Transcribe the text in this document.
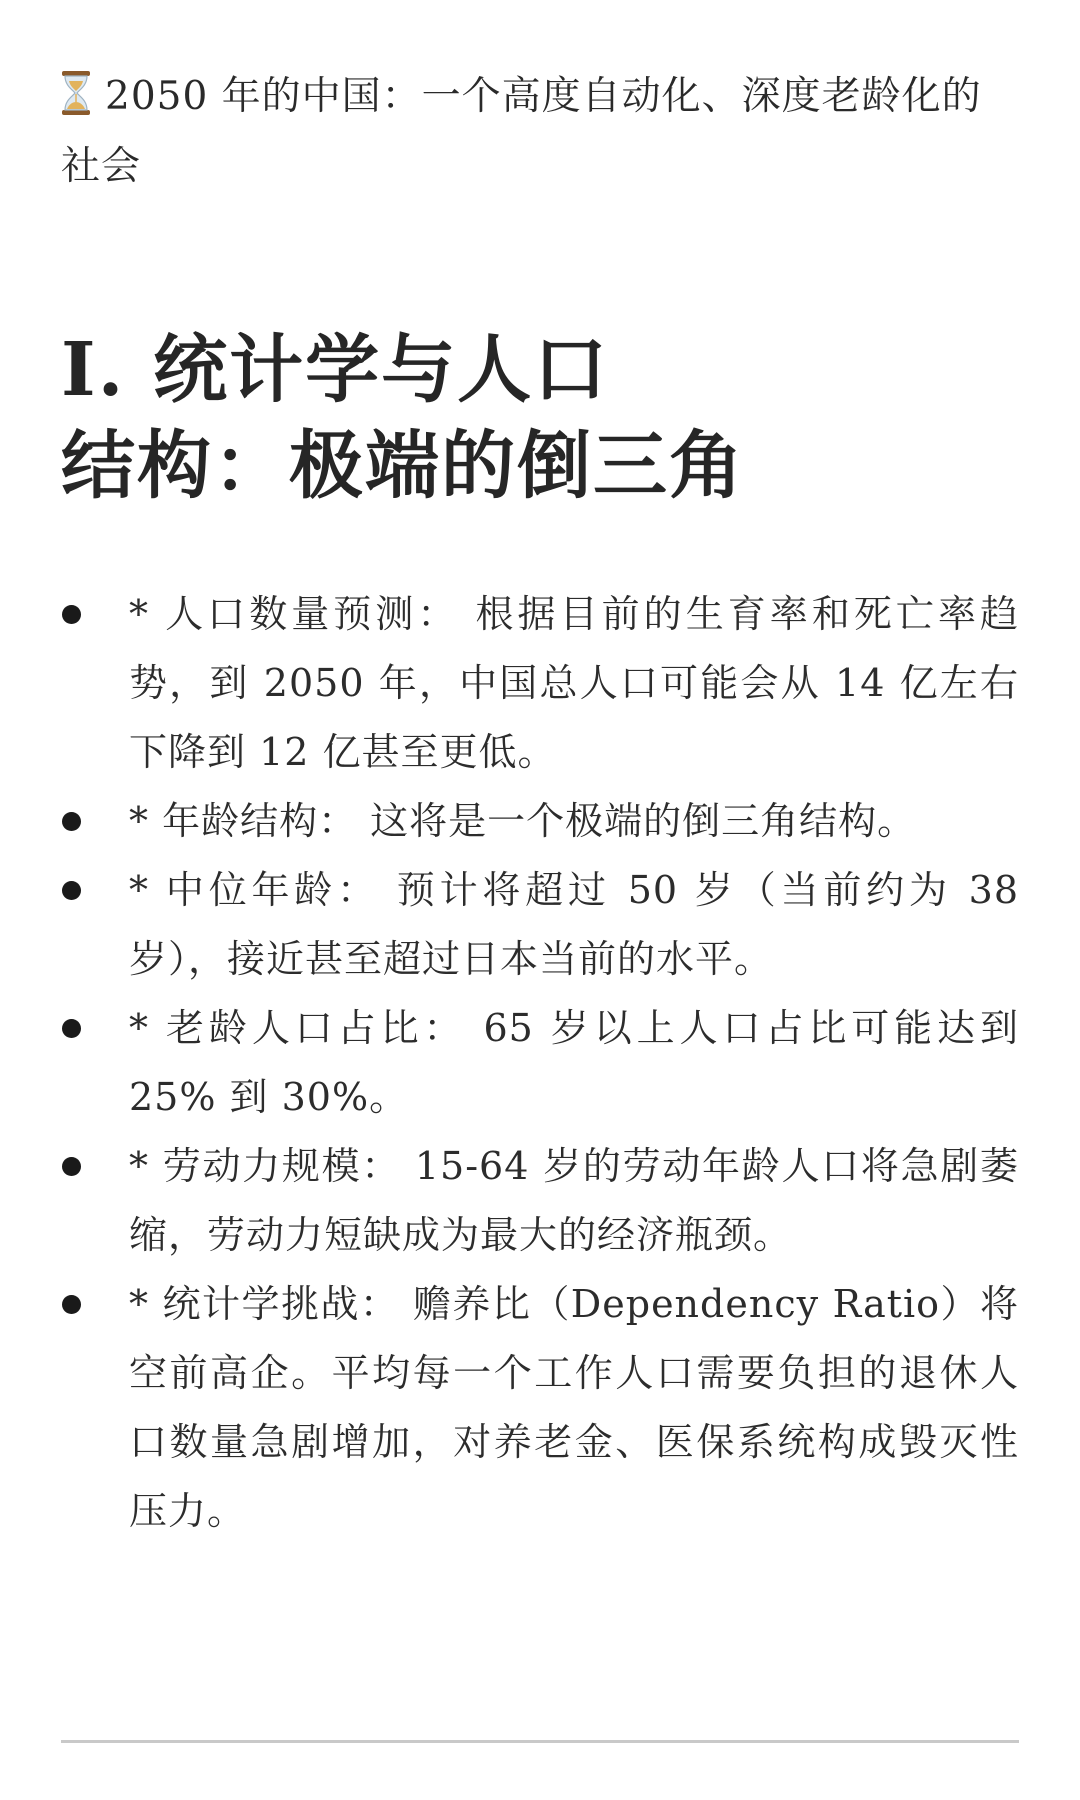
2050 年的中国：一个高度自动化、深度老龄化的社会
I. 统计学与人口
结构：极端的倒三角
* 人口数量预测： 根据目前的生育率和死亡率趋势，到 2050 年，中国总人口可能会从 14 亿左右下降到 12 亿甚至更低。
* 年龄结构： 这将是一个极端的倒三角结构。
* 中位年龄： 预计将超过 50 岁（当前约为 38 岁），接近甚至超过日本当前的水平。
* 老龄人口占比： 65 岁以上人口占比可能达到 25% 到 30%。
* 劳动力规模： 15-64 岁的劳动年龄人口将急剧萎缩，劳动力短缺成为最大的经济瓶颈。
* 统计学挑战： 赡养比（Dependency Ratio）将空前高企。平均每一个工作人口需要负担的退休人口数量急剧增加，对养老金、医保系统构成毁灭性压力。
